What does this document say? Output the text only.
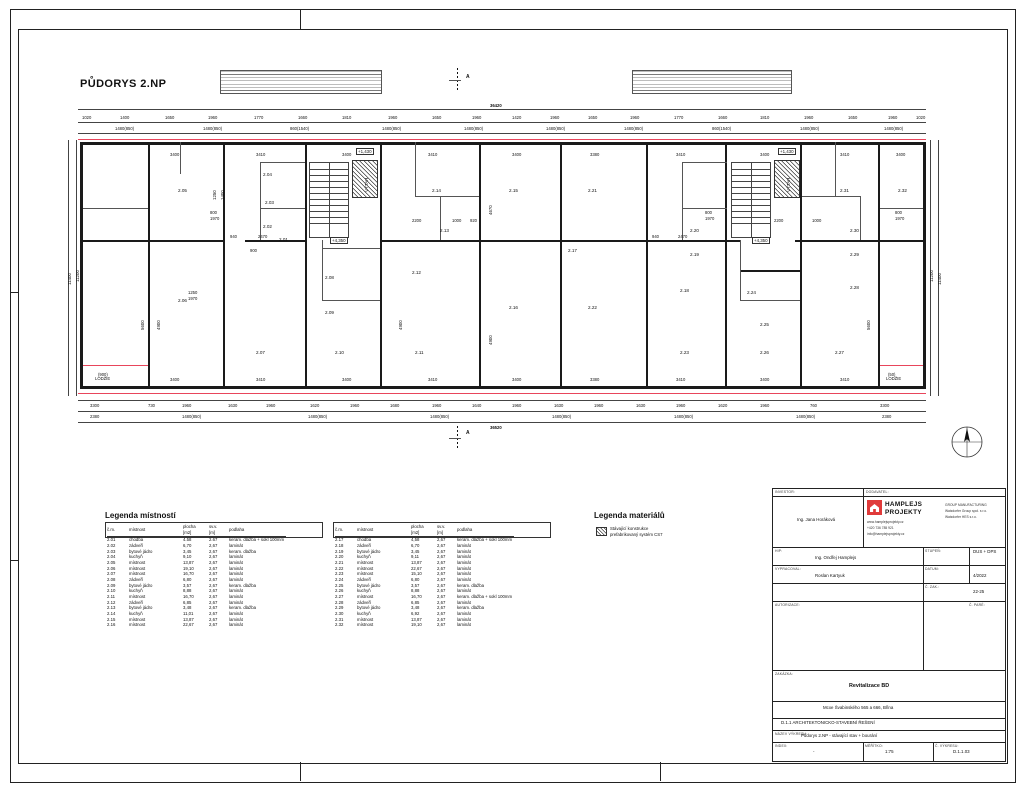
PŮDORYS 2.NP
A
A
36420
36520
11400 11200	11200 11400
LODŽIE	LODŽIE
VÝTAH	VÝTAH
+1,430	+1,430
+4,350	+4,350
2.05
2.04
2.03
2.02
2.01
2.06
2.07
2.08
2.09
2.10	2.11
2.12
2.13
2.14	2.15
2.16
2.17
2.18
2.19
2.20
2.21
2.22
2.23
2.24
2.25
2.26	2.27
2.28
2.29
2.30
2.31	2.32
3400	3410	3400	3410	3400	3380	3410	3400	3410	3400
2470	2470
940	940
2200	2200
1000	1000
920
(900)	(50)
4670
4900
4900	4900
5600	5600
1250 1400
3400	3410	3400	3410	3400	3380	3410	3400	3410
1020	1400	1650	1960	1770	1660	1810	1960	1650	1960	1420	1960	1650	1960	1770	1660	1810	1960	1650	1960	1020
1480(850)	1480(850)	860(1540)	1480(850)	1480(850)	1480(850)	1480(850)	860(1540)	1480(850)	1480(850)
3300
2380
730	1960	1630	1960	1620	1960	1680	1960	1640	1960	1630	1960	1630	1960	1620	1960	760	3300
2380
1480(850)	1480(850)	1480(850)	1480(850)	1480(850)	1480(850)
800
1970
800
1970
800
1970
900
1250
1970
Legenda místností
č.m.	místnost	plocha
[m2]	sv.v.
[m]	podlaha
2.01	chodba	4.58	2.67	keram. dlažba + sokl 100mm
2.02	zádveří	6,70	2,67	laminát
2.03	bytové jádro	3,45	2,67	keram. dlažba
2.04	kuchyň	9,10	2,67	laminát
2.05	místnost	13,87	2,67	laminát
2.06	místnost	19,10	2,67	laminát
2.07	místnost	16,70	2,67	laminát
2.08	zádveří	6,80	2,67	laminát
2.09	bytové jádro	3,57	2,67	keram. dlažba
2.10	kuchyň	8,88	2,67	laminát
2.11	místnost	16,70	2,67	laminát
2.12	zádveří	6,85	2,67	laminát
2.13	bytové jádro	3,48	2,67	keram. dlažba
2.14	kuchyň	11,01	2,67	laminát
2.15	místnost	13,87	2,67	laminát
2.16	místnost	22,67	2,67	laminát
č.m.	místnost	plocha
[m2]	sv.v.
[m]	podlaha
2.17	chodba	4,58	2,67	keram. dlažba + sokl 100mm
2.18	zádveří	6,70	2,67	laminát
2.19	bytové jádro	3,45	2,67	laminát
2.20	kuchyň	9,11	2,67	laminát
2.21	místnost	13,87	2,67	laminát
2.22	místnost	22,67	2,67	laminát
2.23	místnost	15,10	2,67	laminát
2.24	zádveří	6,80	2,67	laminát
2.25	bytové jádro	3,57	2,67	keram. dlažba
2.26	kuchyň	8,88	2,67	laminát
2.27	místnost	16,70	2,67	keram. dlažba + sokl 100mm
2.28	zádveří	6,85	2,67	laminát
2.29	bytové jádro	3,48	2,67	keram. dlažba
2.30	kuchyň	6,92	2,67	laminát
2.31	místnost	13,87	2,67	laminát
2.32	místnost	19,10	2,67	laminát
Legenda materiálů
Stávající konstrukce
prefabrikovaný systém CS7
INVESTOR:	DODAVATEL:
HAMPLEJS
PROJEKTY
www.hamplejsprojekty.cz
+420 736 785 921
info@hamplejsprojekty.cz
GROUP MANUFACTURING
Watzdorfer Group spol. s r.o.
Watzdorfer HES s.r.o.
Ing. Jana Horáková
HIP:
Ing. Ondřej Hamplejs
STUPEŇ:	DUS + DPS
VYPRACOVAL:
Roslan Kartyuk
DATUM:
4/2022
Č. ZAK.:
22-25
AUTORIZACE:	Č. PARÉ:
ZAKÁZKA:
Revitalizace BD
Mcxe Švabinského 565 a 666, Břina
D.1.1 ARCHITEKTONICKO-STAVEBNÍ ŘEŠENÍ
NÁZEV VÝKRESU:
Půdorys 2.NP - stávající stav + bourání
INDEX:
-
MĚŘÍTKO:
1:75
Č. VÝKRESU:
D.1.1.03
